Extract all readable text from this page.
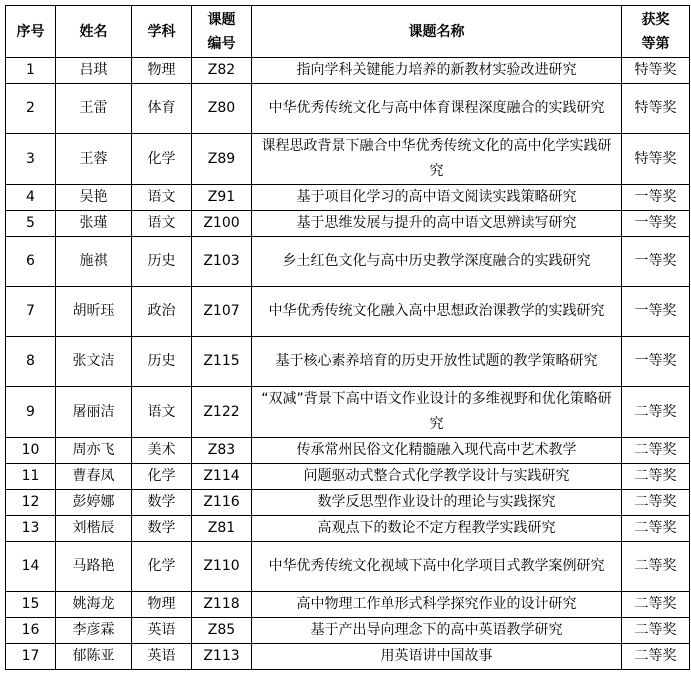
序号	姓名	学科	课题编号	课题名称	获奖等第
1	吕琪	物理	Z82	指向学科关键能力培养的新教材实验改进研究	特等奖
2	王雷	体育	Z80	中华优秀传统文化与高中体育课程深度融合的实践研究	特等奖
3	王蓉	化学	Z89	课程思政背景下融合中华优秀传统文化的高中化学实践研究	特等奖
4	吴艳	语文	Z91	基于项目化学习的高中语文阅读实践策略研究	一等奖
5	张瑾	语文	Z100	基于思维发展与提升的高中语文思辨读写研究	一等奖
6	施祺	历史	Z103	乡土红色文化与高中历史教学深度融合的实践研究	一等奖
7	胡昕珏	政治	Z107	中华优秀传统文化融入高中思想政治课教学的实践研究	一等奖
8	张文洁	历史	Z115	基于核心素养培育的历史开放性试题的教学策略研究	一等奖
9	屠丽洁	语文	Z122	“双减”背景下高中语文作业设计的多维视野和优化策略研究	二等奖
10	周亦飞	美术	Z83	传承常州民俗文化精髓融入现代高中艺术教学	二等奖
11	曹春凤	化学	Z114	问题驱动式整合式化学教学设计与实践研究	二等奖
12	彭婷娜	数学	Z116	数学反思型作业设计的理论与实践探究	二等奖
13	刘楷辰	数学	Z81	高观点下的数论不定方程教学实践研究	二等奖
14	马路艳	化学	Z110	中华优秀传统文化视域下高中化学项目式教学案例研究	二等奖
15	姚海龙	物理	Z118	高中物理工作单形式科学探究作业的设计研究	二等奖
16	李彦霖	英语	Z85	基于产出导向理念下的高中英语教学研究	二等奖
17	郁陈亚	英语	Z113	用英语讲中国故事	二等奖
